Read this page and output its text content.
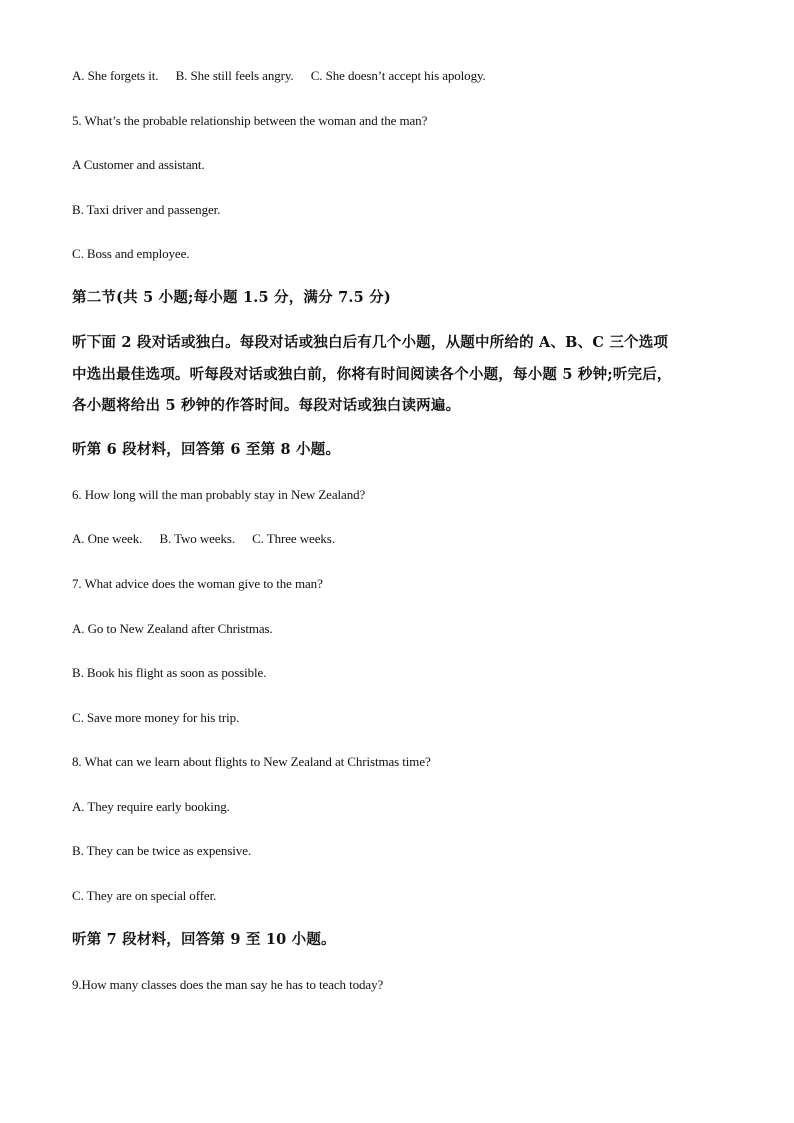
A. She forgets it. B. She still feels angry. C. She doesn’t accept his apology.

5. What’s the probable relationship between the woman and the man?

A Customer and assistant.

B. Taxi driver and passenger.

C. Boss and employee.

第二节(共 5 小题;每小题 1.5 分，满分 7.5 分)

听下面 2 段对话或独白。每段对话或独白后有几个小题，从题中所给的 A、B、C 三个选项

中选出最佳选项。听每段对话或独白前，你将有时间阅读各个小题，每小题 5 秒钟;听完后，

各小题将给出 5 秒钟的作答时间。每段对话或独白读两遍。

听第 6 段材料，回答第 6 至第 8 小题。

6. How long will the man probably stay in New Zealand?

A. One week. B. Two weeks. C. Three weeks.

7. What advice does the woman give to the man?

A. Go to New Zealand after Christmas.

B. Book his flight as soon as possible.

C. Save more money for his trip.

8. What can we learn about flights to New Zealand at Christmas time?

A. They require early booking.

B. They can be twice as expensive.

C. They are on special offer.

听第 7 段材料，回答第 9 至 10 小题。

9.How many classes does the man say he has to teach today?
